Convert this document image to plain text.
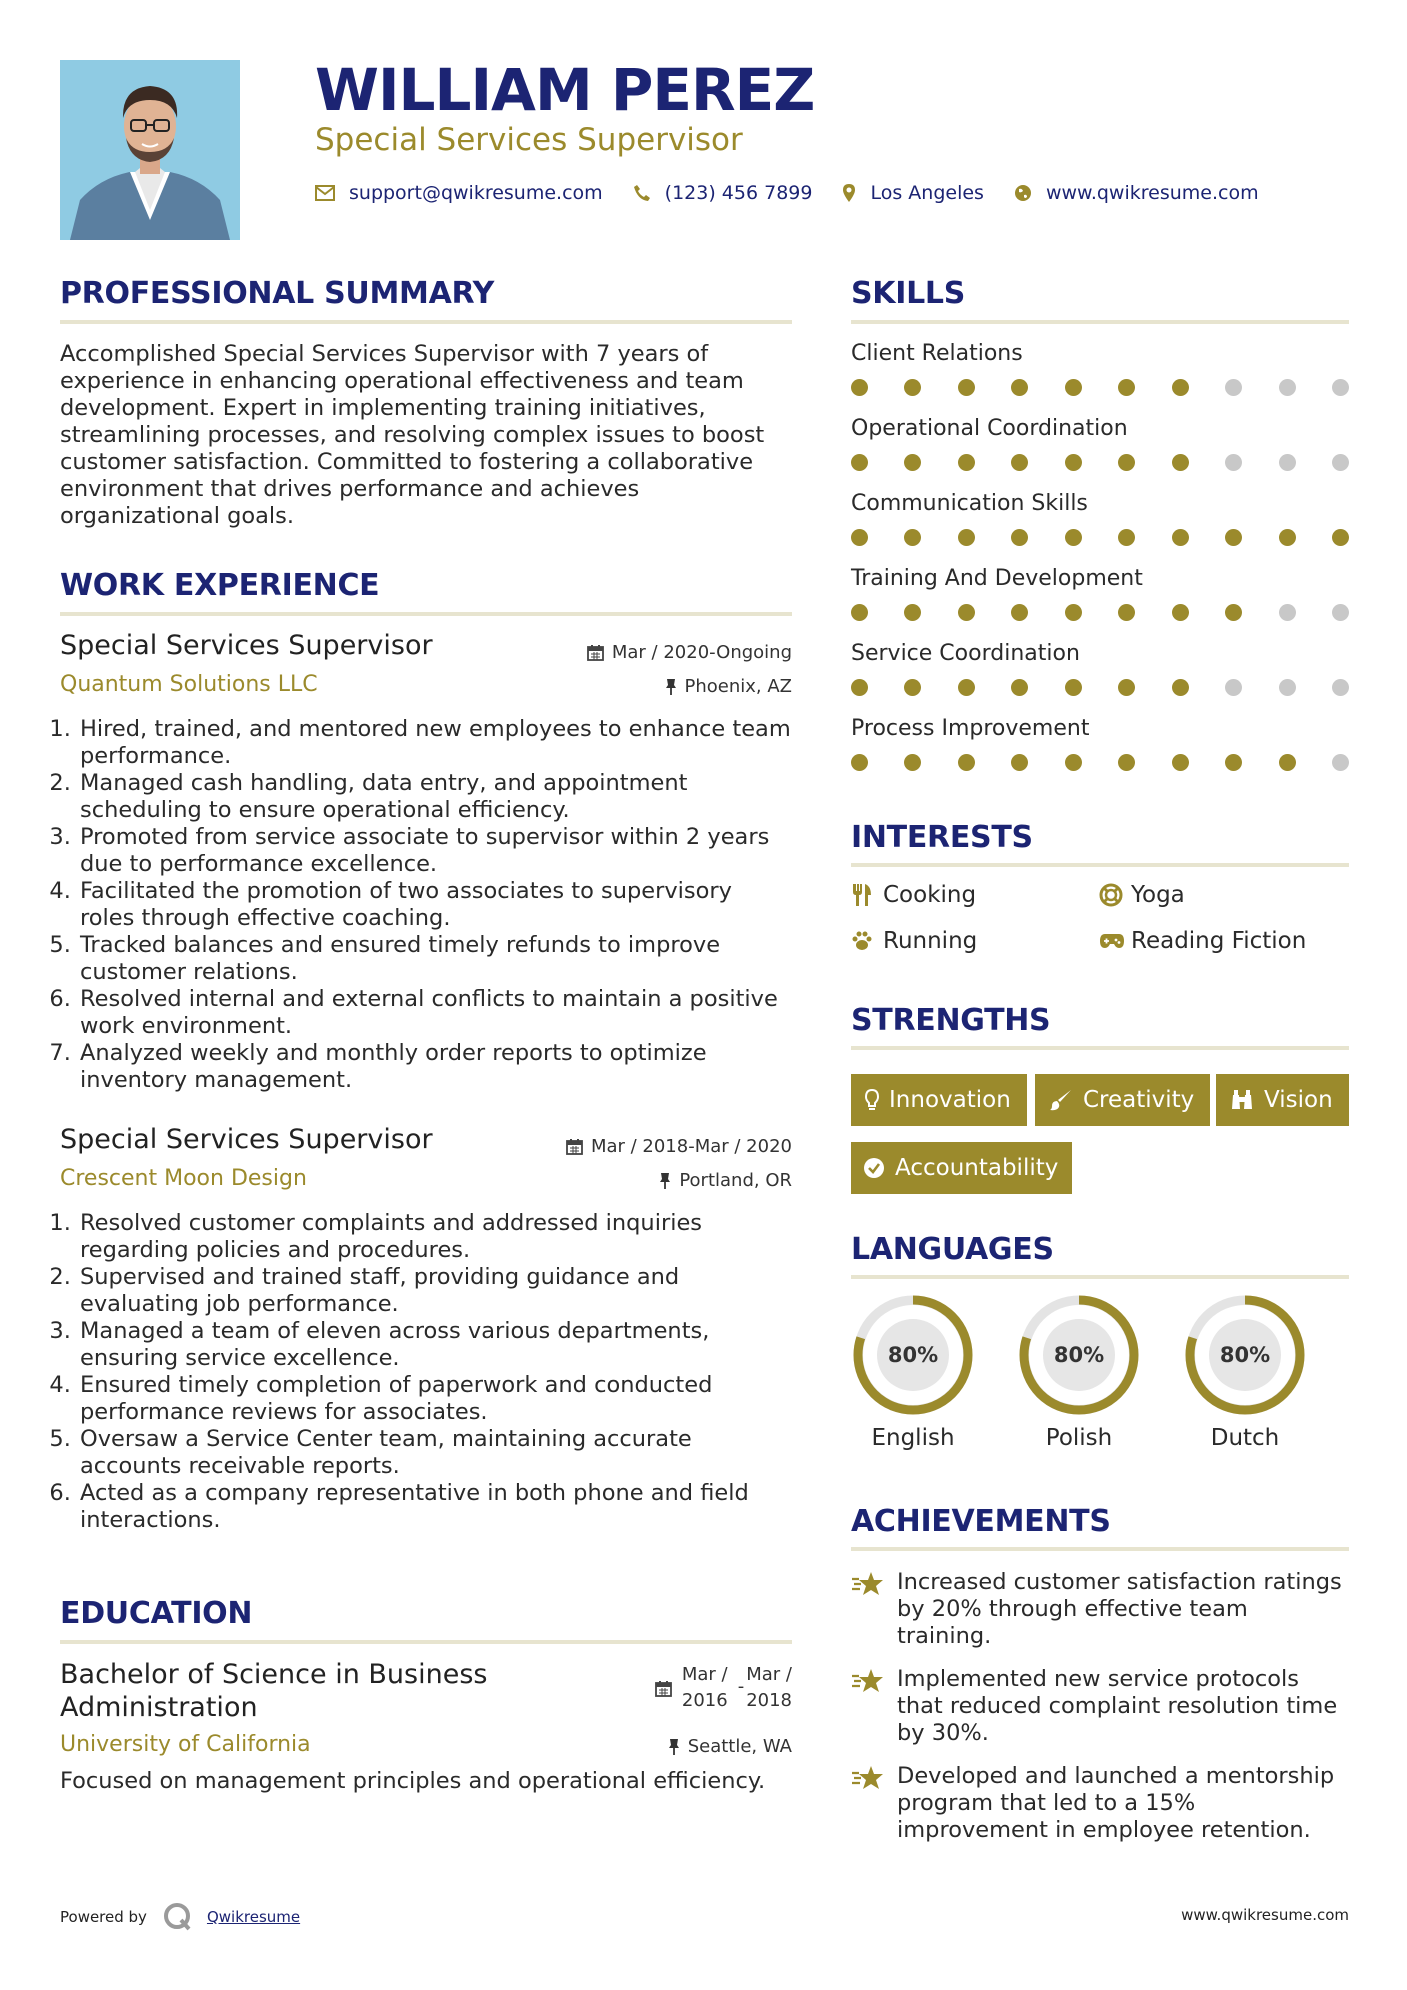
WILLIAM PEREZ
Special Services Supervisor
support@qwikresume.com	(123) 456 7899	Los Angeles	www.qwikresume.com
PROFESSIONAL SUMMARY
Accomplished Special Services Supervisor with 7 years of experience in enhancing operational effectiveness and team development. Expert in implementing training initiatives, streamlining processes, and resolving complex issues to boost customer satisfaction. Committed to fostering a collaborative environment that drives performance and achieves organizational goals.
WORK EXPERIENCE
Special Services Supervisor	Mar / 2020-Ongoing
Quantum Solutions LLC	Phoenix, AZ
1. Hired, trained, and mentored new employees to enhance team performance.
2. Managed cash handling, data entry, and appointment scheduling to ensure operational efficiency.
3. Promoted from service associate to supervisor within 2 years due to performance excellence.
4. Facilitated the promotion of two associates to supervisory roles through effective coaching.
5. Tracked balances and ensured timely refunds to improve customer relations.
6. Resolved internal and external conflicts to maintain a positive work environment.
7. Analyzed weekly and monthly order reports to optimize inventory management.
Special Services Supervisor	Mar / 2018-Mar / 2020
Crescent Moon Design	Portland, OR
1. Resolved customer complaints and addressed inquiries regarding policies and procedures.
2. Supervised and trained staff, providing guidance and evaluating job performance.
3. Managed a team of eleven across various departments, ensuring service excellence.
4. Ensured timely completion of paperwork and conducted performance reviews for associates.
5. Oversaw a Service Center team, maintaining accurate accounts receivable reports.
6. Acted as a company representative in both phone and field interactions.
EDUCATION
Bachelor of Science in Business Administration
Mar /
2016
-
Mar /
2018
University of California	Seattle, WA
Focused on management principles and operational efficiency.
SKILLS
Client Relations
Operational Coordination
Communication Skills
Training And Development
Service Coordination
Process Improvement
INTERESTS
Cooking	Yoga
Running	Reading Fiction
STRENGTHS
Innovation	Creativity	Vision
Accountability
LANGUAGES
80%
English
80%
Polish
80%
Dutch
ACHIEVEMENTS
Increased customer satisfaction ratings by 20% through effective team training.
Implemented new service protocols that reduced complaint resolution time by 30%.
Developed and launched a mentorship program that led to a 15% improvement in employee retention.
Powered by	Qwikresume	www.qwikresume.com
